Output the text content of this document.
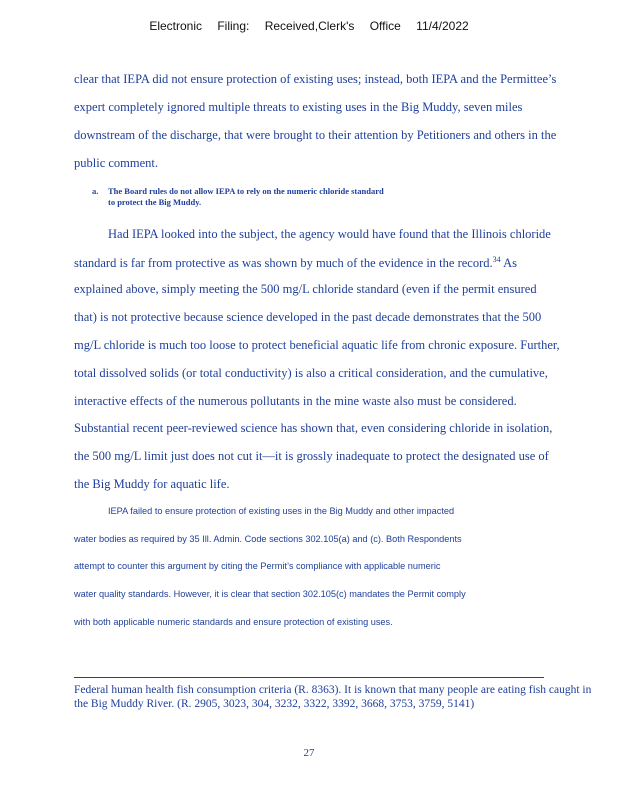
Electronic Filing: Received,Clerk's Office 11/4/2022
clear that IEPA did not ensure protection of existing uses; instead, both IEPA and the Permittee’s
expert completely ignored multiple threats to existing uses in the Big Muddy, seven miles
downstream of the discharge, that were brought to their attention by Petitioners and others in the
public comment.
a. The Board rules do not allow IEPA to rely on the numeric chloride standard to protect the Big Muddy.
Had IEPA looked into the subject, the agency would have found that the Illinois chloride
standard is far from protective as was shown by much of the evidence in the record.$^{34}$ As
explained above, simply meeting the 500 mg/L chloride standard (even if the permit ensured
that) is not protective because science developed in the past decade demonstrates that the 500
mg/L chloride is much too loose to protect beneficial aquatic life from chronic exposure. Further,
total dissolved solids (or total conductivity) is also a critical consideration, and the cumulative,
interactive effects of the numerous pollutants in the mine waste also must be considered.
Substantial recent peer-reviewed science has shown that, even considering chloride in isolation,
the 500 mg/L limit just does not cut it—it is grossly inadequate to protect the designated use of
the Big Muddy for aquatic life.
IEPA failed to ensure protection of existing uses in the Big Muddy and other impacted
water bodies as required by 35 Ill. Admin. Code sections 302.105(a) and (c). Both Respondents
attempt to counter this argument by citing the Permit’s compliance with applicable numeric
water quality standards. However, it is clear that section 302.105(c) mandates the Permit comply
with both applicable numeric standards and ensure protection of existing uses.
Federal human health fish consumption criteria (R. 8363). It is known that many people are eating fish caught in the Big Muddy River. (R. 2905, 3023, 304, 3232, 3322, 3392, 3668, 3753, 3759, 5141)
27
